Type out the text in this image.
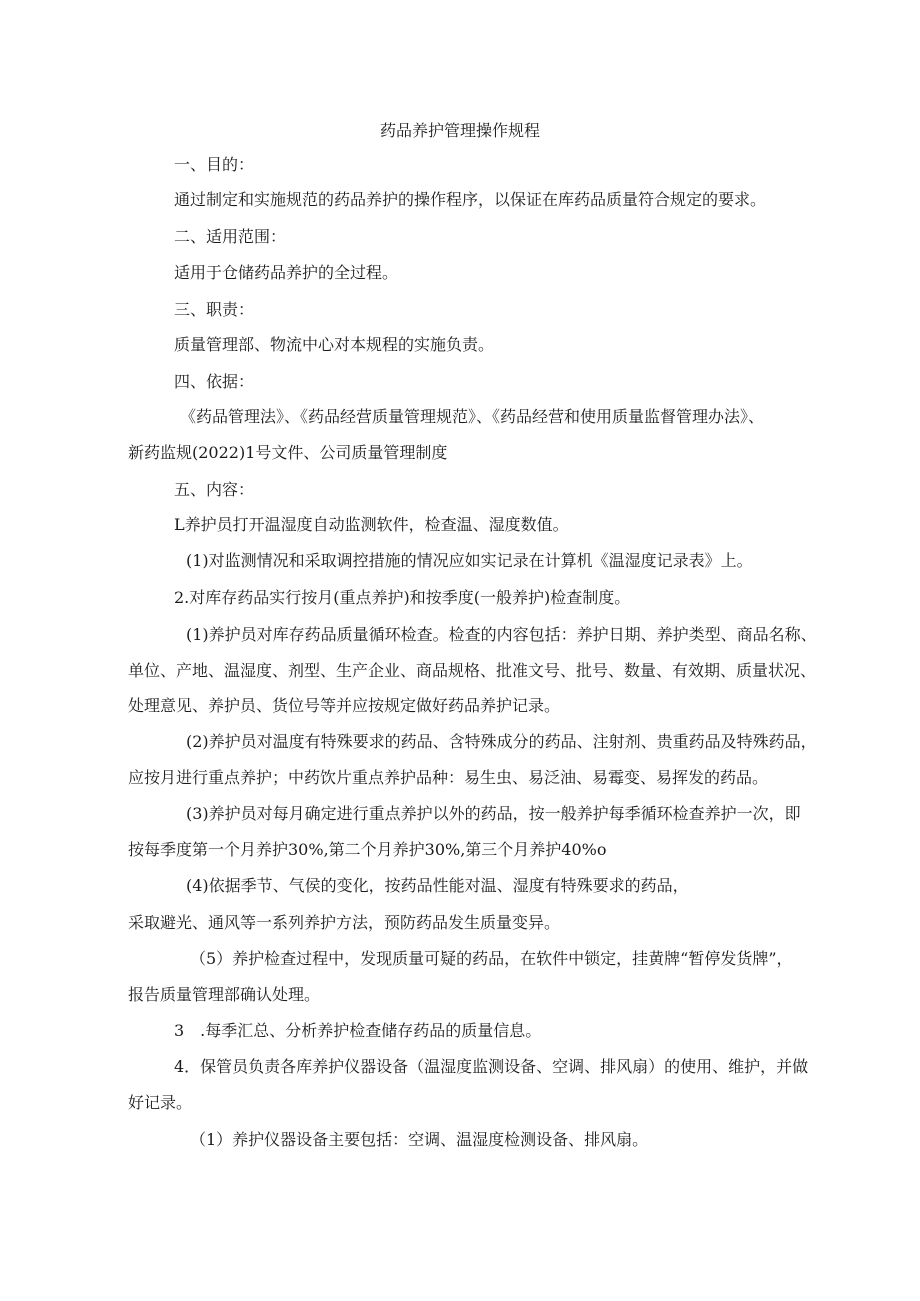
药品养护管理操作规程
一、目的：
通过制定和实施规范的药品养护的操作程序，以保证在库药品质量符合规定的要求。
二、适用范围：
适用于仓储药品养护的全过程。
三、职责：
质量管理部、物流中心对本规程的实施负责。
四、依据：
《药品管理法》、《药品经营质量管理规范》、《药品经营和使用质量监督管理办法》、
新药监规(2022)1号文件、公司质量管理制度
五、内容：
L养护员打开温湿度自动监测软件，检查温、湿度数值。
(1)对监测情况和采取调控措施的情况应如实记录在计算机《温湿度记录表》上。
2.对库存药品实行按月(重点养护)和按季度(一般养护)检查制度。
(1)养护员对库存药品质量循环检查。检查的内容包括：养护日期、养护类型、商品名称、
单位、产地、温湿度、剂型、生产企业、商品规格、批准文号、批号、数量、有效期、质量状况、
处理意见、养护员、货位号等并应按规定做好药品养护记录。
(2)养护员对温度有特殊要求的药品、含特殊成分的药品、注射剂、贵重药品及特殊药品，
应按月进行重点养护；中药饮片重点养护品种：易生虫、易泛油、易霉变、易挥发的药品。
(3)养护员对每月确定进行重点养护以外的药品，按一般养护每季循环检查养护一次，即
按每季度第一个月养护30%,第二个月养护30%,第三个月养护40%o
(4)依据季节、气侯的变化，按药品性能对温、湿度有特殊要求的药品，
采取避光、通风等一系列养护方法，预防药品发生质量变异。
（5）养护检查过程中，发现质量可疑的药品，在软件中锁定，挂黄牌“暂停发货牌”，
报告质量管理部确认处理。
3　.每季汇总、分析养护检查储存药品的质量信息。
4．保管员负责各库养护仪器设备（温湿度监测设备、空调、排风扇）的使用、维护，并做
好记录。
（1）养护仪器设备主要包括：空调、温湿度检测设备、排风扇。
